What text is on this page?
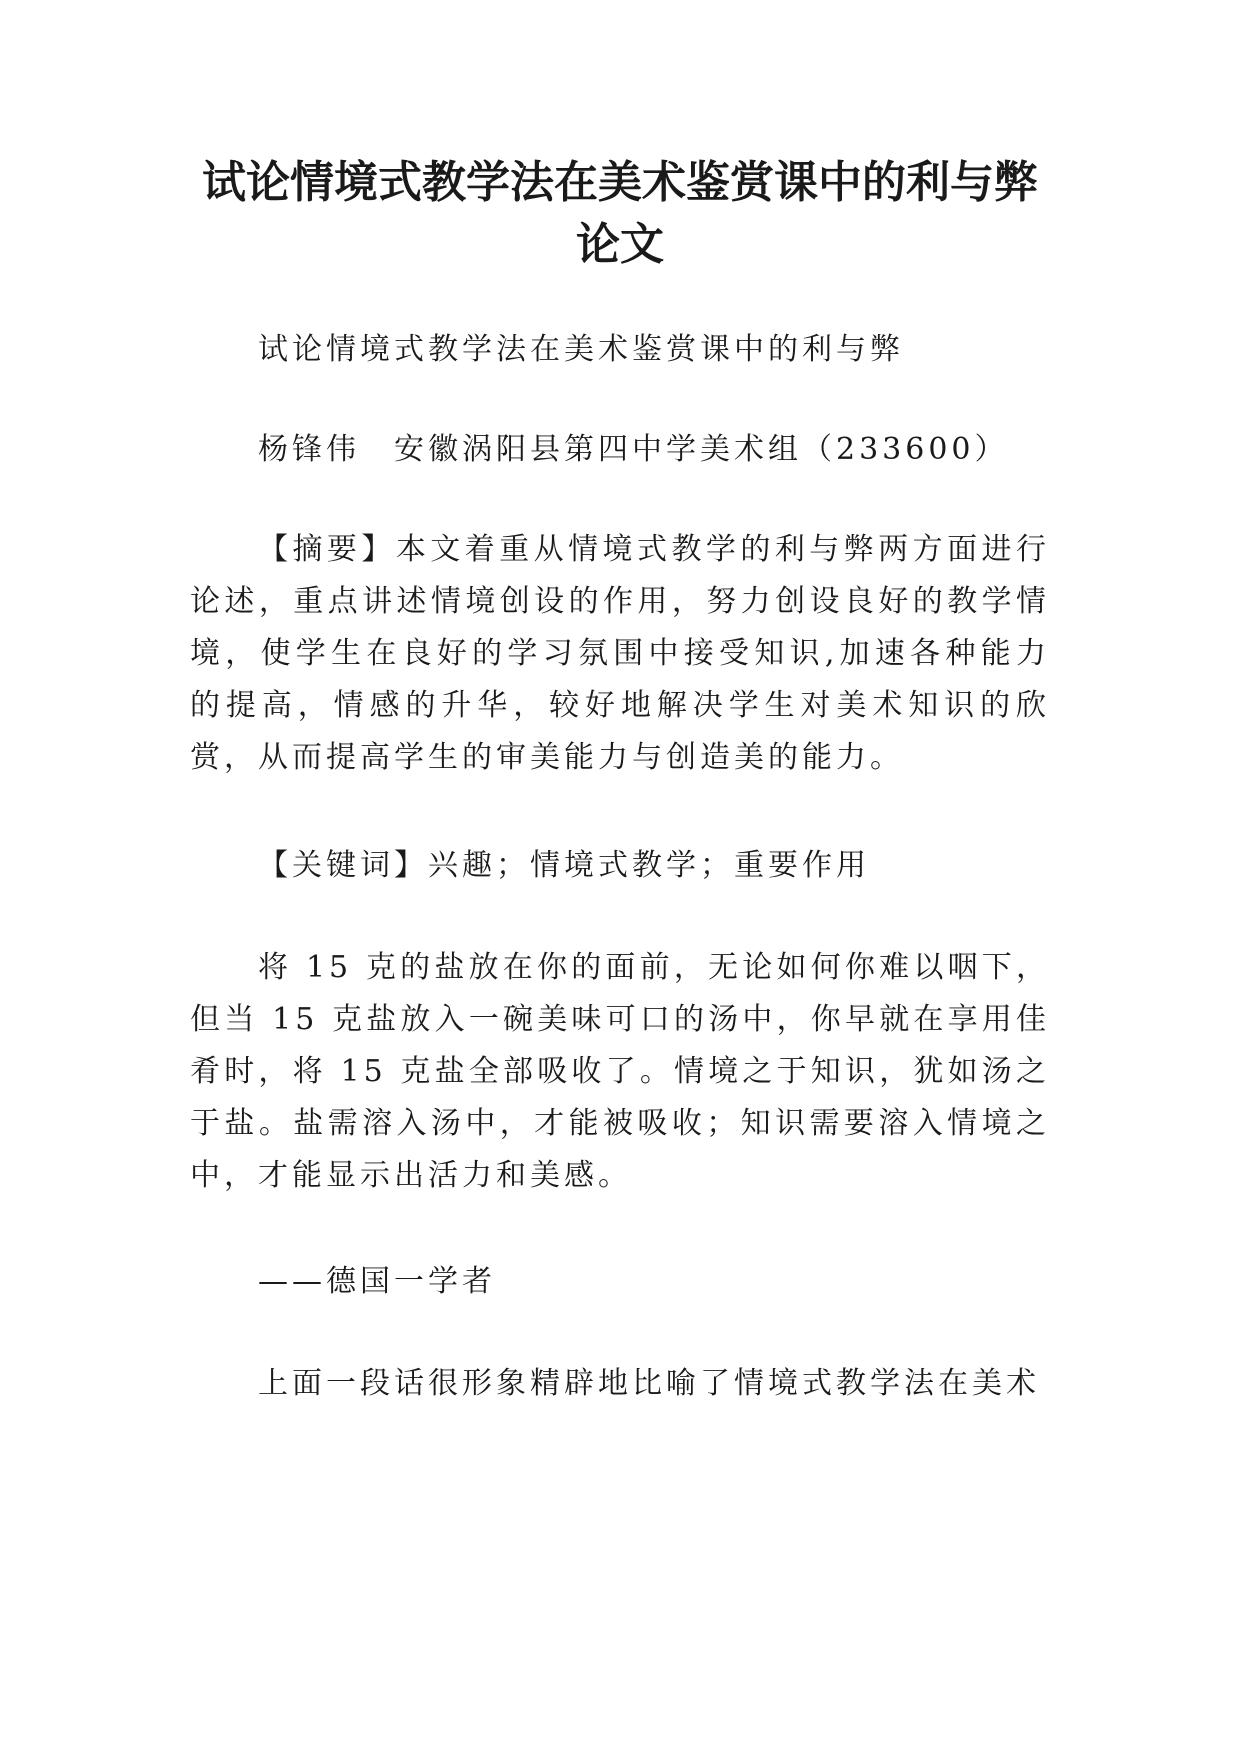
试论情境式教学法在美术鉴赏课中的利与弊论文

试论情境式教学法在美术鉴赏课中的利与弊

杨锋伟　安徽涡阳县第四中学美术组（233600）

【摘要】本文着重从情境式教学的利与弊两方面进行论述，重点讲述情境创设的作用，努力创设良好的教学情境，使学生在良好的学习氛围中接受知识,加速各种能力的提高，情感的升华，较好地解决学生对美术知识的欣赏，从而提高学生的审美能力与创造美的能力。

【关键词】兴趣；情境式教学；重要作用

将 15 克的盐放在你的面前，无论如何你难以咽下，但当 15 克盐放入一碗美味可口的汤中，你早就在享用佳肴时，将 15 克盐全部吸收了。情境之于知识，犹如汤之于盐。盐需溶入汤中，才能被吸收；知识需要溶入情境之中，才能显示出活力和美感。

——德国一学者

上面一段话很形象精辟地比喻了情境式教学法在美术
